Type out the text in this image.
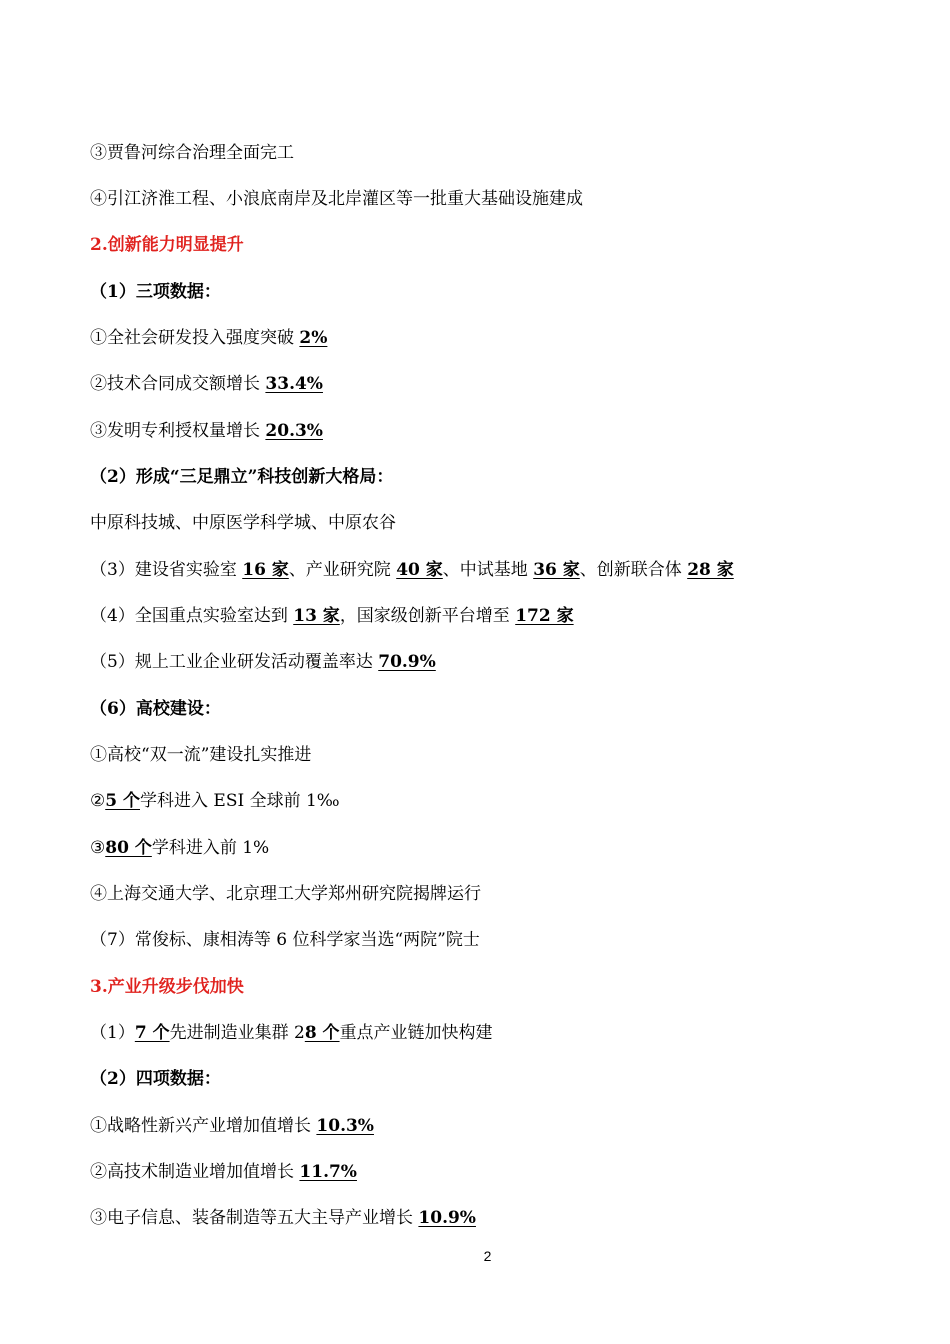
③贾鲁河综合治理全面完工
④引江济淮工程、小浪底南岸及北岸灌区等一批重大基础设施建成
2.创新能力明显提升
（1）三项数据：
①全社会研发投入强度突破 2%
②技术合同成交额增长 33.4%
③发明专利授权量增长 20.3%
（2）形成“三足鼎立”科技创新大格局：
中原科技城、中原医学科学城、中原农谷
（3）建设省实验室 16 家、产业研究院 40 家、中试基地 36 家、创新联合体 28 家
（4）全国重点实验室达到 13 家，国家级创新平台增至 172 家
（5）规上工业企业研发活动覆盖率达 70.9%
（6）高校建设：
①高校“双一流”建设扎实推进
②5 个学科进入 ESI 全球前 1‰
③80 个学科进入前 1%
④上海交通大学、北京理工大学郑州研究院揭牌运行
（7）常俊标、康相涛等 6 位科学家当选“两院”院士
3.产业升级步伐加快
（1）7 个先进制造业集群 28 个重点产业链加快构建
（2）四项数据：
①战略性新兴产业增加值增长 10.3%
②高技术制造业增加值增长 11.7%
③电子信息、装备制造等五大主导产业增长 10.9%
2
